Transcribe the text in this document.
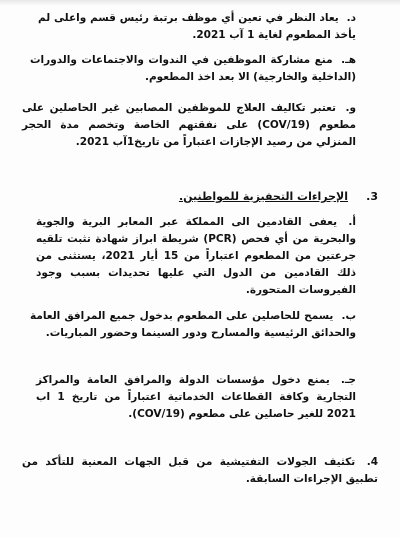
د. يعاد النظر في تعين أي موظف برتبة رئيس قسم واعلى لم يأخذ المطعوم لغاية 1 آب 2021.

هـ. منع مشاركة الموظفين في الندوات والاجتماعات والدورات (الداخلية والخارجية) الا بعد اخذ المطعوم.

و. تعتبر تكاليف العلاج للموظفين المصابين غير الحاصلين على مطعوم (COV/19) على نفقتهم الخاصة وتخصم مدة الحجر المنزلي من رصيد الإجازات اعتباراً من تاريخ1آب 2021.

3.
الإجراءات التحفيزية للمواطنين.

أ. يعفى القادمين الى المملكة عبر المعابر البرية والجوية والبحرية من أي فحص (PCR) شريطة ابراز شهادة تثبت تلقيه جرعتين من المطعوم اعتباراً من 15 أيار 2021، يستثنى من ذلك القادمين من الدول التي عليها تحديدات بسبب وجود الفيروسات المتحورة.

ب. يسمح للحاصلين على المطعوم بدخول جميع المرافق العامة والحدائق الرئيسية والمسارح ودور السينما وحضور المباريات.

جـ. يمنع دخول مؤسسات الدولة والمرافق العامة والمراكز التجارية وكافة القطاعات الخدماتية اعتباراً من تاريخ 1 اب 2021 للغير حاصلين على مطعوم (COV/19).

4. تكثيف الجولات التفتيشية من قبل الجهات المعنية للتأكد من تطبيق الإجراءات السابقة.
